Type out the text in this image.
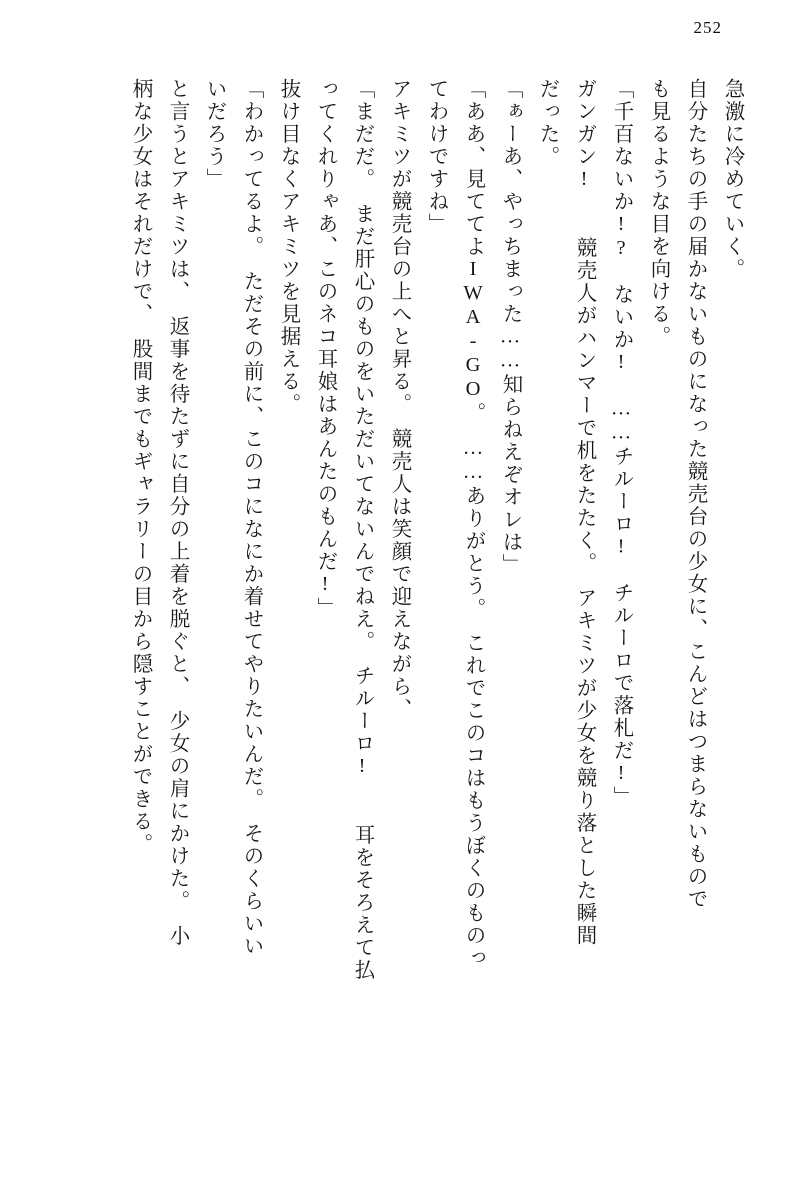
252
急激に冷めていく。
自分たちの手の届かないものになった競売台の少女に、こんどはつまらないもので
も見るような目を向ける。
「千百ないか!?　ないか!　……チルーロ!　チルーロで落札だ!」
ガンガン!　　競売人がハンマーで机をたたく。　アキミツが少女を競り落とした瞬間
だった。
「ぁーあ、やっちまった……知らねえぞオレは」
「ああ、見ててよIWA‐GO。　……ありがとう。　これでこのコはもうぼくのものっ
てわけですね」
アキミツが競売台の上へと昇る。　競売人は笑顔で迎えながら、
「まだだ。　まだ肝心のものをいただいてないんでねえ。　チルーロ!　　耳をそろえて払
ってくれりゃあ、このネコ耳娘はあんたのもんだ!」
抜け目なくアキミツを見据える。
「わかってるよ。　ただその前に、このコになにか着せてやりたいんだ。　そのくらいい
いだろう」
と言うとアキミツは、　返事を待たずに自分の上着を脱ぐと、　少女の肩にかけた。　小
柄な少女はそれだけで、　股間までもギャラリーの目から隠すことができる。
